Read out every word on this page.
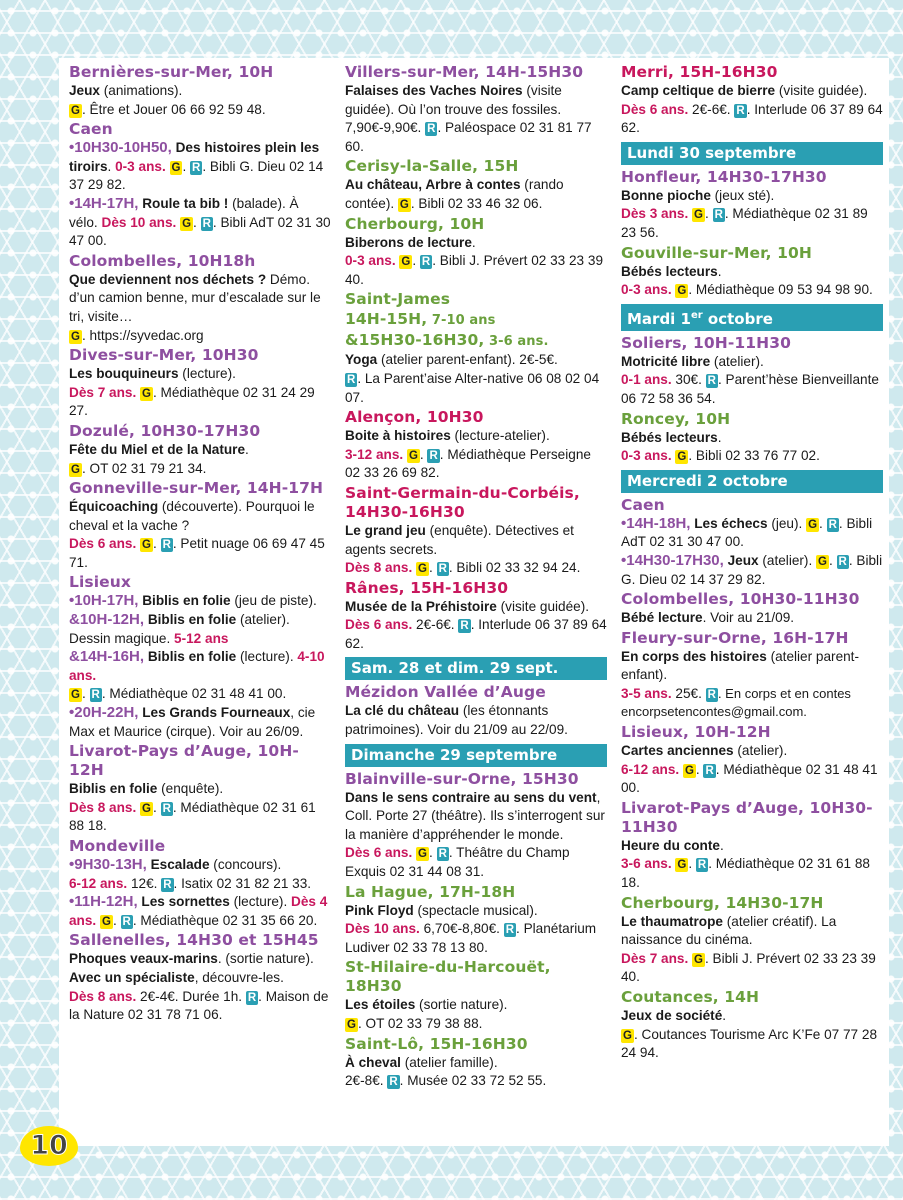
Bernières-sur-Mer, 10H
Jeux (animations).
G . Être et Jouer 06 66 92 59 48.
Caen
•10H30-10H50, Des histoires plein les tiroirs. 0-3 ans. G . R . Bibli G. Dieu 02 14 37 29 82.
•14H-17H, Roule ta bib ! (balade). À vélo. Dès 10 ans. G . R . Bibli AdT 02 31 30 47 00.
Colombelles, 10H18h
Que deviennent nos déchets ? Démo. d’un camion benne, mur d’escalade sur le tri, visite…
G . https://syvedac.org
Dives-sur-Mer, 10H30
Les bouquineurs (lecture).
Dès 7 ans. G . Médiathèque 02 31 24 29 27.
Dozulé, 10H30-17H30
Fête du Miel et de la Nature.
G . OT 02 31 79 21 34.
Gonneville-sur-Mer, 14H-17H
Équicoaching (découverte). Pourquoi le cheval et la vache ?
Dès 6 ans. G . R . Petit nuage 06 69 47 45 71.
Lisieux
•10H-17H, Biblis en folie (jeu de piste).
&10H-12H, Biblis en folie (atelier). Dessin magique. 5-12 ans
&14H-16H, Biblis en folie (lecture). 4-10 ans.
G . R . Médiathèque 02 31 48 41 00.
•20H-22H, Les Grands Fourneaux, cie Max et Maurice (cirque). Voir au 26/09.
Livarot-Pays d’Auge, 10H-12H
Biblis en folie (enquête).
Dès 8 ans. G . R . Médiathèque 02 31 61 88 18.
Mondeville
•9H30-13H, Escalade (concours).
6-12 ans. 12€. R . Isatix 02 31 82 21 33.
•11H-12H, Les sornettes (lecture). Dès 4 ans. G . R . Médiathèque 02 31 35 66 20.
Sallenelles, 14H30 et 15H45
Phoques veaux-marins. (sortie nature).
Avec un spécialiste, découvre-les.
Dès 8 ans. 2€-4€. Durée 1h. R . Maison de la Nature 02 31 78 71 06.
Villers-sur-Mer, 14H-15H30
Falaises des Vaches Noires (visite guidée). Où l’on trouve des fossiles. 7,90€-9,90€. R . Paléospace 02 31 81 77 60.
Cerisy-la-Salle, 15H
Au château, Arbre à contes (rando contée). G . Bibli 02 33 46 32 06.
Cherbourg, 10H
Biberons de lecture.
0-3 ans. G . R . Bibli J. Prévert 02 33 23 39 40.
Saint-James
14H-15H, 7-10 ans
&15H30-16H30, 3-6 ans.
Yoga (atelier parent-enfant). 2€-5€.
R . La Parent’aise Alter-native 06 08 02 04 07.
Alençon, 10H30
Boite à histoires (lecture-atelier).
3-12 ans. G . R . Médiathèque Perseigne 02 33 26 69 82.
Saint-Germain-du-Corbéis, 14H30-16H30
Le grand jeu (enquête). Détectives et agents secrets.
Dès 8 ans. G . R . Bibli 02 33 32 94 24.
Rânes, 15H-16H30
Musée de la Préhistoire (visite guidée).
Dès 6 ans. 2€-6€. R . Interlude 06 37 89 64 62.
Sam. 28 et dim. 29 sept.
Mézidon Vallée d’Auge
La clé du château (les étonnants patrimoines). Voir du 21/09 au 22/09.
Dimanche 29 septembre
Blainville-sur-Orne, 15H30
Dans le sens contraire au sens du vent, Coll. Porte 27 (théâtre). Ils s’interrogent sur la manière d’appréhender le monde.
Dès 6 ans. G . R . Théâtre du Champ Exquis 02 31 44 08 31.
La Hague, 17H-18H
Pink Floyd (spectacle musical).
Dès 10 ans. 6,70€-8,80€. R . Planétarium Ludiver 02 33 78 13 80.
St-Hilaire-du-Harcouët, 18H30
Les étoiles (sortie nature).
G . OT 02 33 79 38 88.
Saint-Lô, 15H-16H30
À cheval (atelier famille).
2€-8€. R . Musée 02 33 72 52 55.
Merri, 15H-16H30
Camp celtique de bierre (visite guidée).
Dès 6 ans. 2€-6€. R . Interlude 06 37 89 64 62.
Lundi 30 septembre
Honfleur, 14H30-17H30
Bonne pioche (jeux sté).
Dès 3 ans. G . R . Médiathèque 02 31 89 23 56.
Gouville-sur-Mer, 10H
Bébés lecteurs.
0-3 ans. G . Médiathèque 09 53 94 98 90.
Mardi 1er octobre
Soliers, 10H-11H30
Motricité libre (atelier).
0-1 ans. 30€. R . Parent’hèse Bienveillante 06 72 58 36 54.
Roncey, 10H
Bébés lecteurs.
0-3 ans. G . Bibli 02 33 76 77 02.
Mercredi 2 octobre
Caen
•14H-18H, Les échecs (jeu). G . R . Bibli AdT 02 31 30 47 00.
•14H30-17H30, Jeux (atelier). G . R . Bibli G. Dieu 02 14 37 29 82.
Colombelles, 10H30-11H30
Bébé lecture. Voir au 21/09.
Fleury-sur-Orne, 16H-17H
En corps des histoires (atelier parent-enfant).
3-5 ans. 25€. R . En corps et en contes encorpsetencontes@gmail.com.
Lisieux, 10H-12H
Cartes anciennes (atelier).
6-12 ans. G . R . Médiathèque 02 31 48 41 00.
Livarot-Pays d’Auge, 10H30-11H30
Heure du conte.
3-6 ans. G . R . Médiathèque 02 31 61 88 18.
Cherbourg, 14H30-17H
Le thaumatrope (atelier créatif). La naissance du cinéma.
Dès 7 ans. G . Bibli J. Prévert 02 33 23 39 40.
Coutances, 14H
Jeux de société.
G . Coutances Tourisme Arc K’Fe 07 77 28 24 94.
10
